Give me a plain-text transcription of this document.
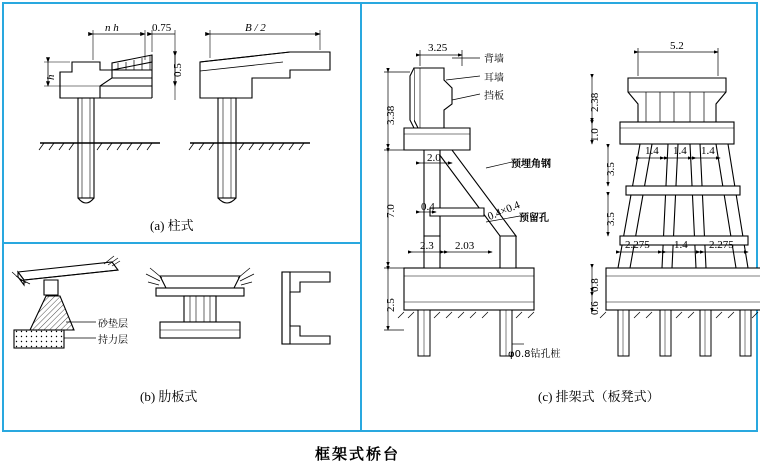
n h	0.75	B / 2
0.5
h
(a) 柱式
砂垫层
持力层
(b) 肋板式
3.25
3.38
7.0
2.5
2.0
0.4	0.4×0.4
2.3 2.03
背墙
耳墙
挡板
预埋角钢
预留孔
φ0.8钻孔桩
5.2
2.38
1.0
3.5
3.5
1.4 1.4 1.4
2.275 1.4 2.275
0.8
0.6
(c) 排架式（板凳式）
框架式桥台
